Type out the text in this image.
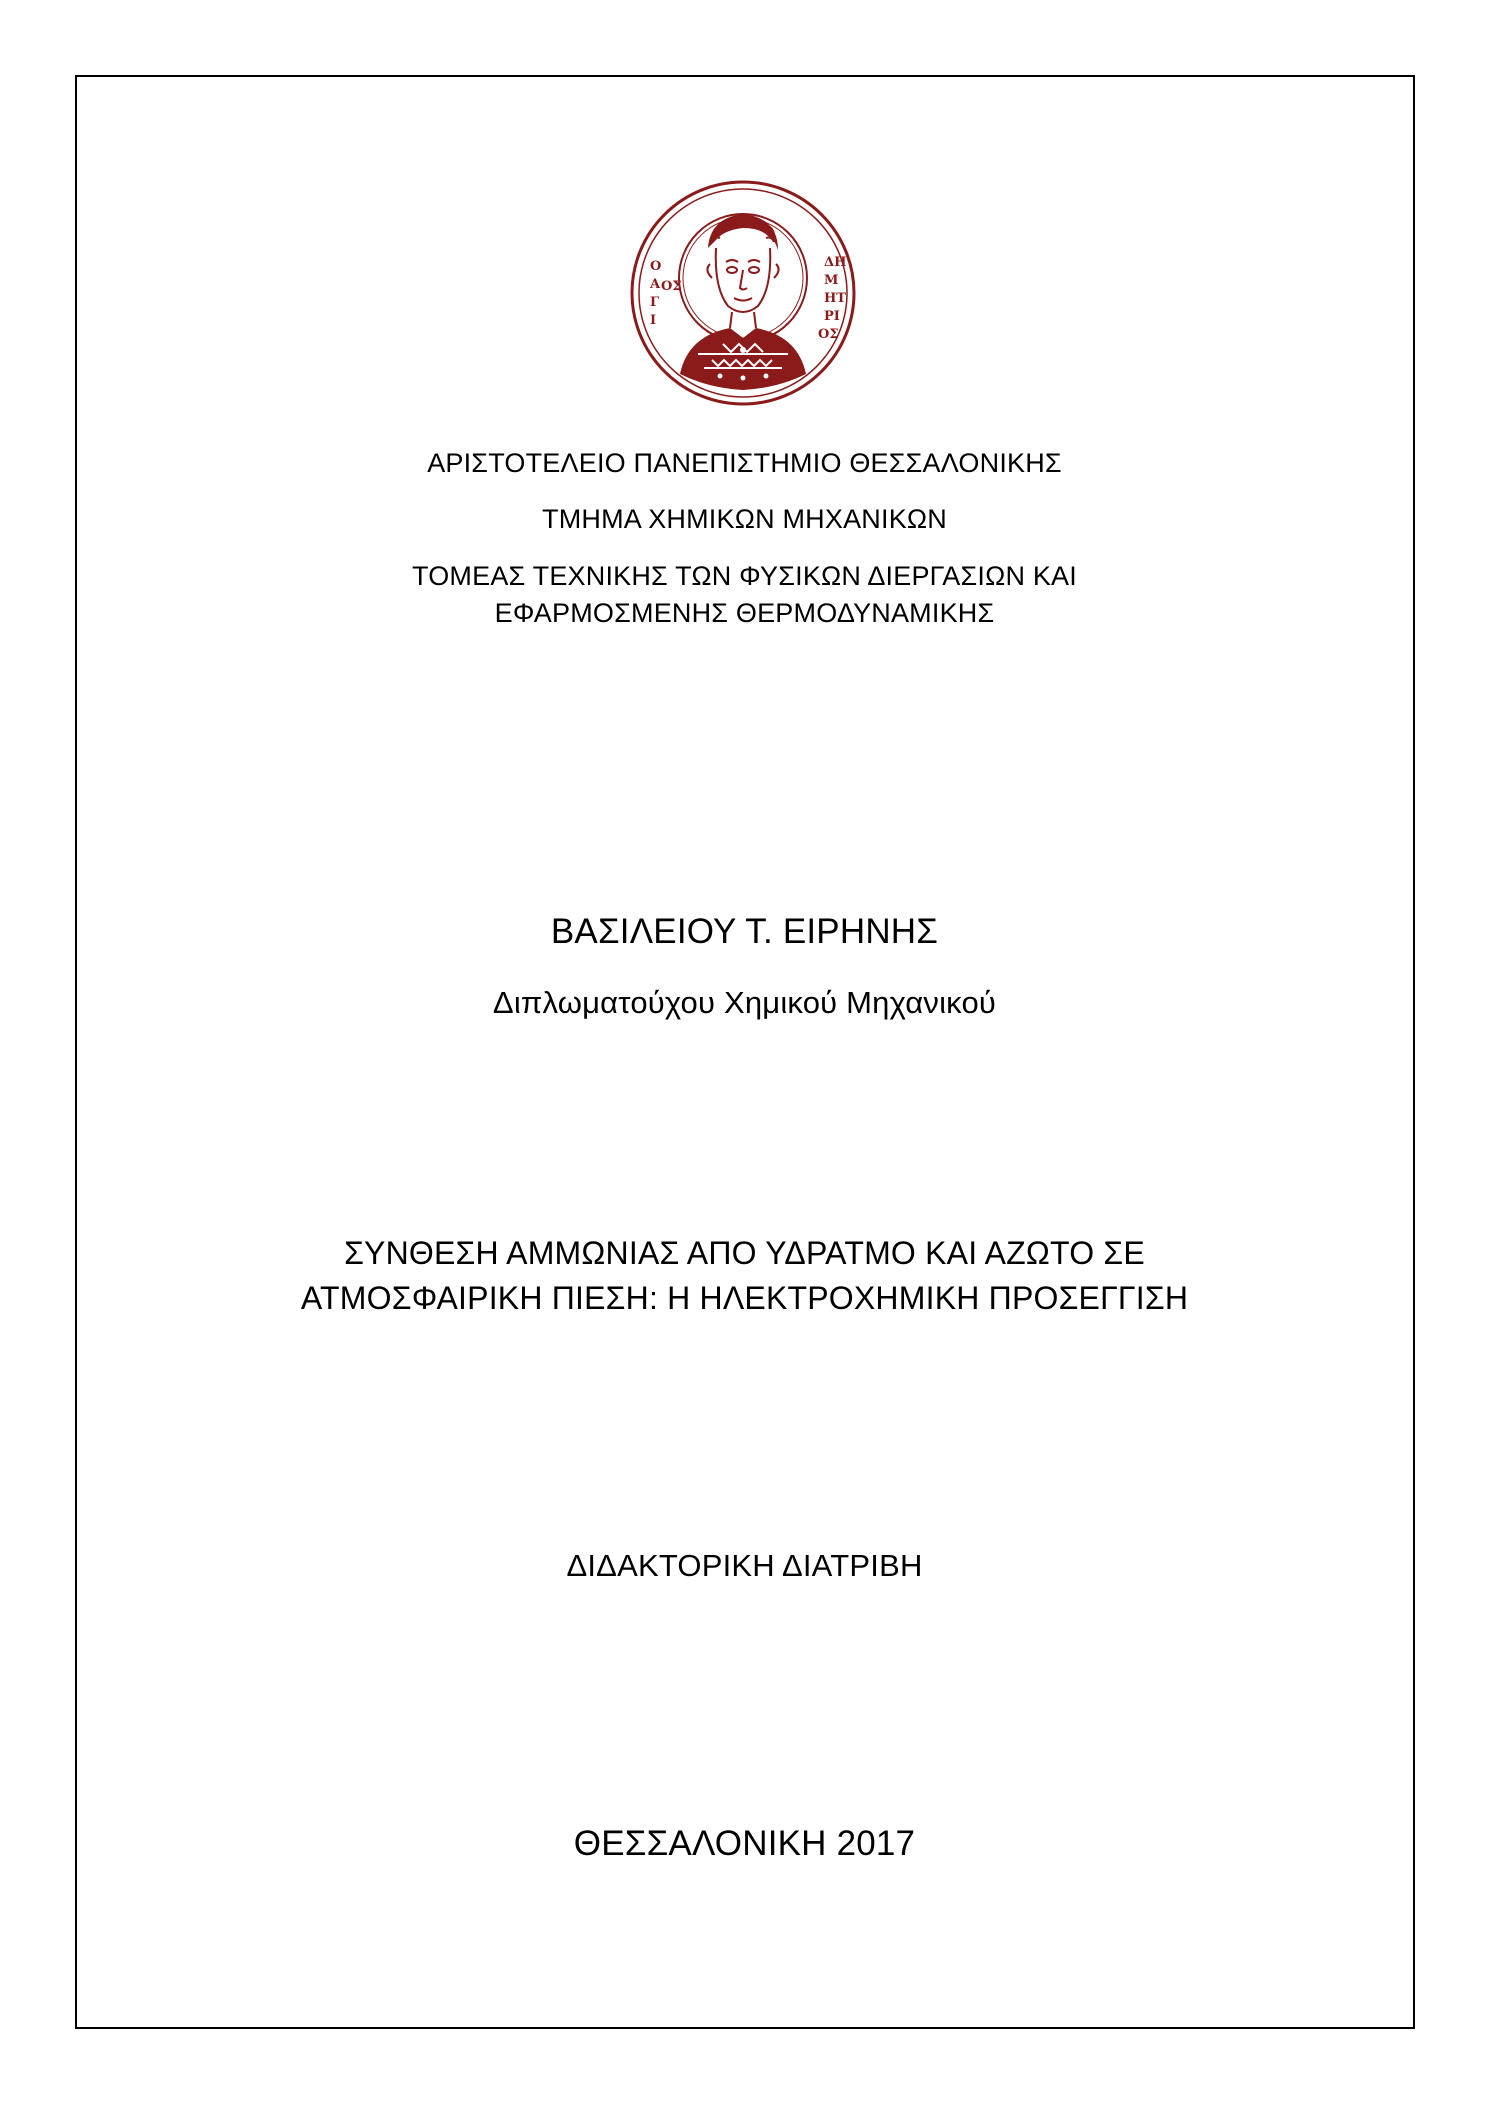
Ο
Α
Γ
Ι
ΟΣ
ΔΗ
Μ
ΗΤ
ΡΙ
ΟΣ
ΑΡΙΣΤΟΤΕΛΕΙΟ ΠΑΝΕΠΙΣΤΗΜΙΟ ΘΕΣΣΑΛΟΝΙΚΗΣ
ΤΜΗΜΑ ΧΗΜΙΚΩΝ ΜΗΧΑΝΙΚΩΝ
ΤΟΜΕΑΣ ΤΕΧΝΙΚΗΣ ΤΩΝ ΦΥΣΙΚΩΝ ΔΙΕΡΓΑΣΙΩΝ ΚΑΙ
ΕΦΑΡΜΟΣΜΕΝΗΣ ΘΕΡΜΟΔΥΝΑΜΙΚΗΣ
ΒΑΣΙΛΕΙΟΥ Τ. ΕΙΡΗΝΗΣ
Διπλωματούχου Χημικού Μηχανικού
ΣΥΝΘΕΣΗ ΑΜΜΩΝΙΑΣ ΑΠΟ ΥΔΡΑΤΜΟ ΚΑΙ ΑΖΩΤΟ ΣΕ
ΑΤΜΟΣΦΑΙΡΙΚΗ ΠΙΕΣΗ: Η ΗΛΕΚΤΡΟΧΗΜΙΚΗ ΠΡΟΣΕΓΓΙΣΗ
ΔΙΔΑΚΤΟΡΙΚΗ ΔΙΑΤΡΙΒΗ
ΘΕΣΣΑΛΟΝΙΚΗ 2017
